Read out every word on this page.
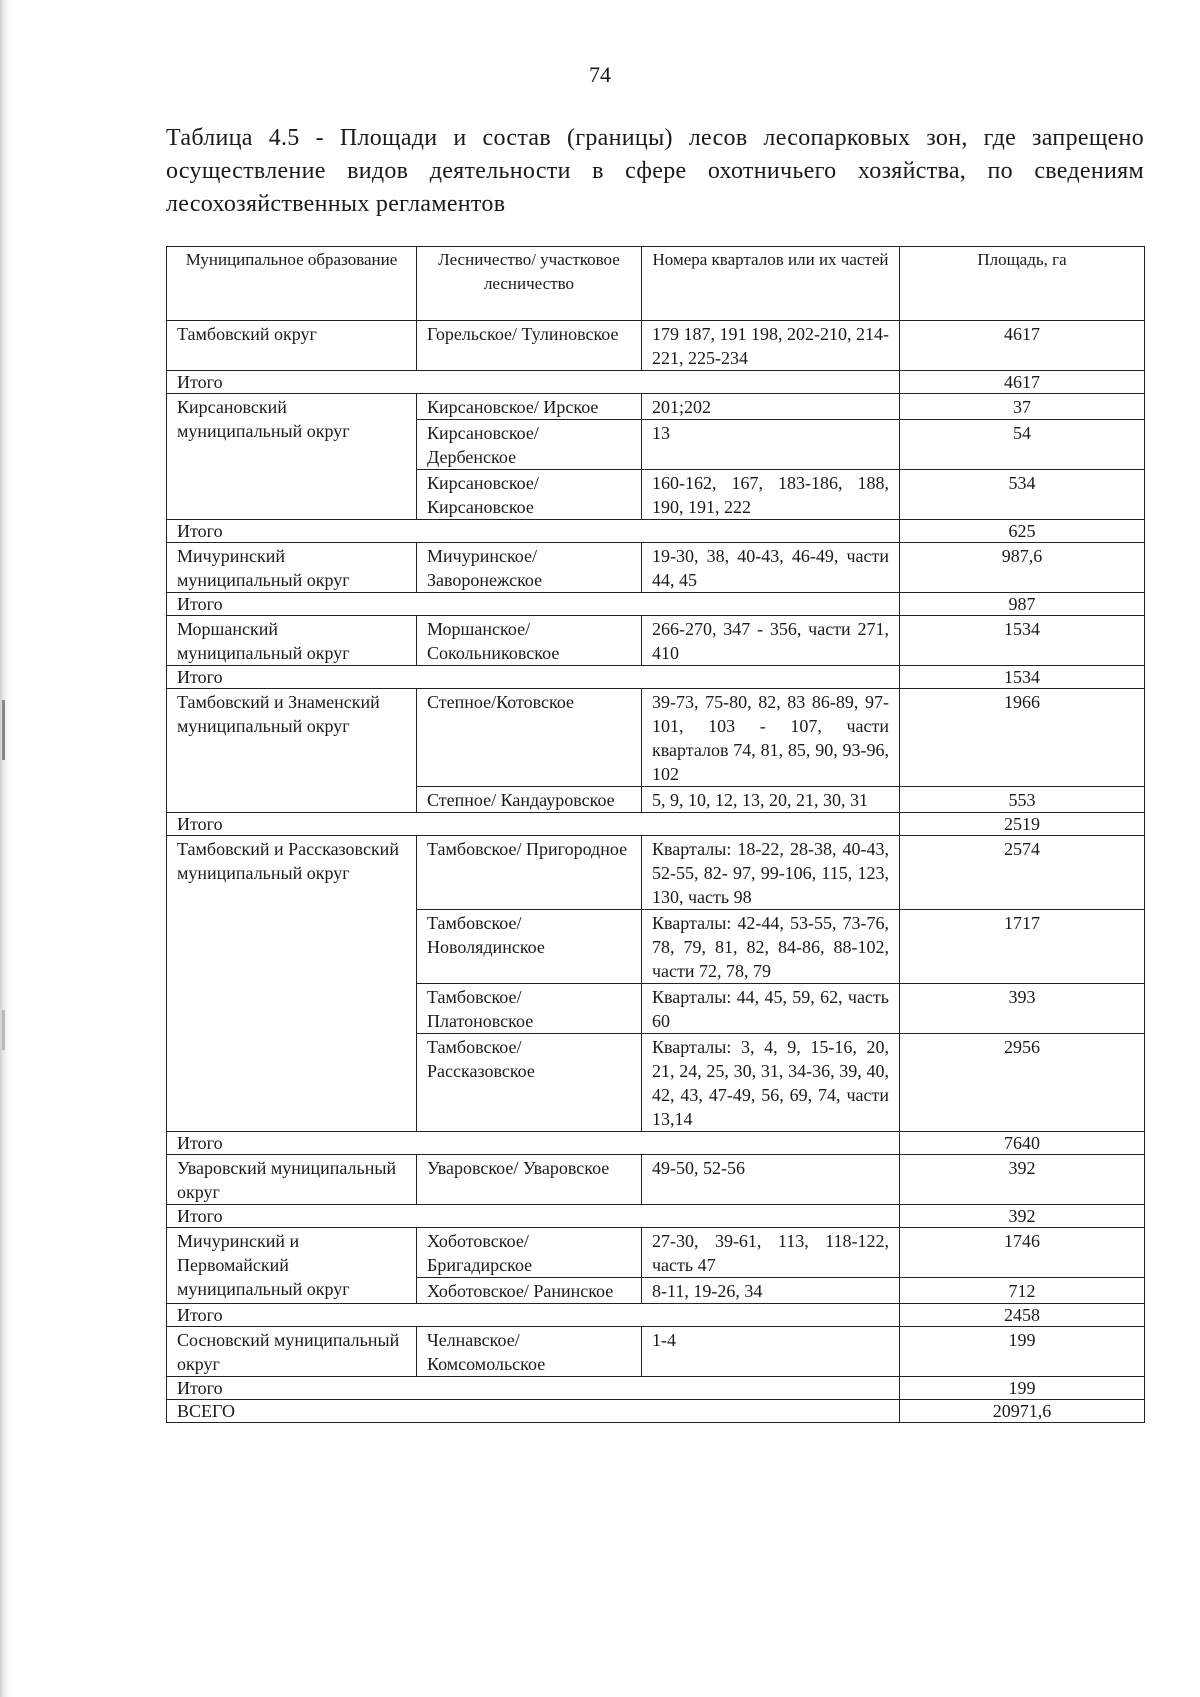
74
Таблица 4.5 - Площади и состав (границы) лесов лесопарковых зон, где запрещено осуществление видов деятельности в сфере охотничьего хозяйства, по сведениям лесохозяйственных регламентов
Муниципальное образование	Лесничество/ участковое лесничество	Номера кварталов или их частей	Площадь, га
Тамбовский округ	Горельское/ Тулиновское	179 187, 191 198, 202-210, 214-221, 225-234	4617
Итого			4617
Кирсановский муниципальный округ	Кирсановское/ Ирское	201;202	37
	Кирсановское/ Дербенское	13	54
	Кирсановское/ Кирсановское	160-162, 167, 183-186, 188, 190, 191, 222	534
Итого			625
Мичуринский муниципальный округ	Мичуринское/ Заворонежское	19-30, 38, 40-43, 46-49, части 44, 45	987,6
Итого			987
Моршанский муниципальный округ	Моршанское/ Сокольниковское	266-270, 347 - 356, части 271, 410	1534
Итого			1534
Тамбовский и Знаменский муниципальный округ	Степное/Котовское	39-73, 75-80, 82, 83 86-89, 97-101, 103 - 107, части кварталов 74, 81, 85, 90, 93-96, 102	1966
	Степное/ Кандауровское	5, 9, 10, 12, 13, 20, 21, 30, 31	553
Итого			2519
Тамбовский и Рассказовский муниципальный округ	Тамбовское/ Пригородное	Кварталы: 18-22, 28-38, 40-43, 52-55, 82- 97, 99-106, 115, 123, 130, часть 98	2574
	Тамбовское/ Новолядинское	Кварталы: 42-44, 53-55, 73-76, 78, 79, 81, 82, 84-86, 88-102, части 72, 78, 79	1717
	Тамбовское/ Платоновское	Кварталы: 44, 45, 59, 62, часть 60	393
	Тамбовское/ Рассказовское	Кварталы: 3, 4, 9, 15-16, 20, 21, 24, 25, 30, 31, 34-36, 39, 40, 42, 43, 47-49, 56, 69, 74, части 13,14	2956
Итого			7640
Уваровский муниципальный округ	Уваровское/ Уваровское	49-50, 52-56	392
Итого			392
Мичуринский и Первомайский муниципальный округ	Хоботовское/ Бригадирское	27-30, 39-61, 113, 118-122, часть 47	1746
	Хоботовское/ Ранинское	8-11, 19-26, 34	712
Итого			2458
Сосновский муниципальный округ	Челнавское/ Комсомольское	1-4	199
Итого			199
ВСЕГО			20971,6
